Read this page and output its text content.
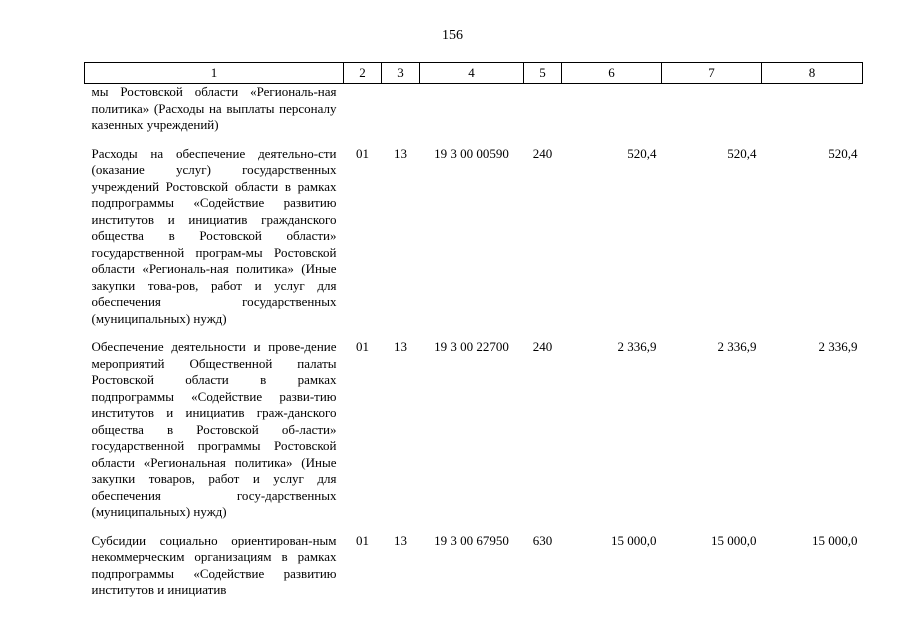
156
1	2	3	4	5	6	7	8
мы Ростовской области «Региональ-ная политика» (Расходы на выплаты персоналу казенных учреждений)							
Расходы на обеспечение деятельно-сти (оказание услуг) государственных учреждений Ростовской области в рамках подпрограммы «Содействие развитию институтов и инициатив гражданского общества в Ростовской области» государственной програм-мы Ростовской области «Региональ-ная политика» (Иные закупки това-ров, работ и услуг для обеспечения государственных (муниципальных) нужд)	01	13	19 3 00 00590	240	520,4	520,4	520,4
Обеспечение деятельности и прове-дение мероприятий Общественной палаты Ростовской области в рамках подпрограммы «Содействие разви-тию институтов и инициатив граж-данского общества в Ростовской об-ласти» государственной программы Ростовской области «Региональная политика» (Иные закупки товаров, работ и услуг для обеспечения госу-дарственных (муниципальных) нужд)	01	13	19 3 00 22700	240	2 336,9	2 336,9	2 336,9
Субсидии социально ориентирован-ным некоммерческим организациям в рамках подпрограммы «Содействие развитию институтов и инициатив	01	13	19 3 00 67950	630	15 000,0	15 000,0	15 000,0
